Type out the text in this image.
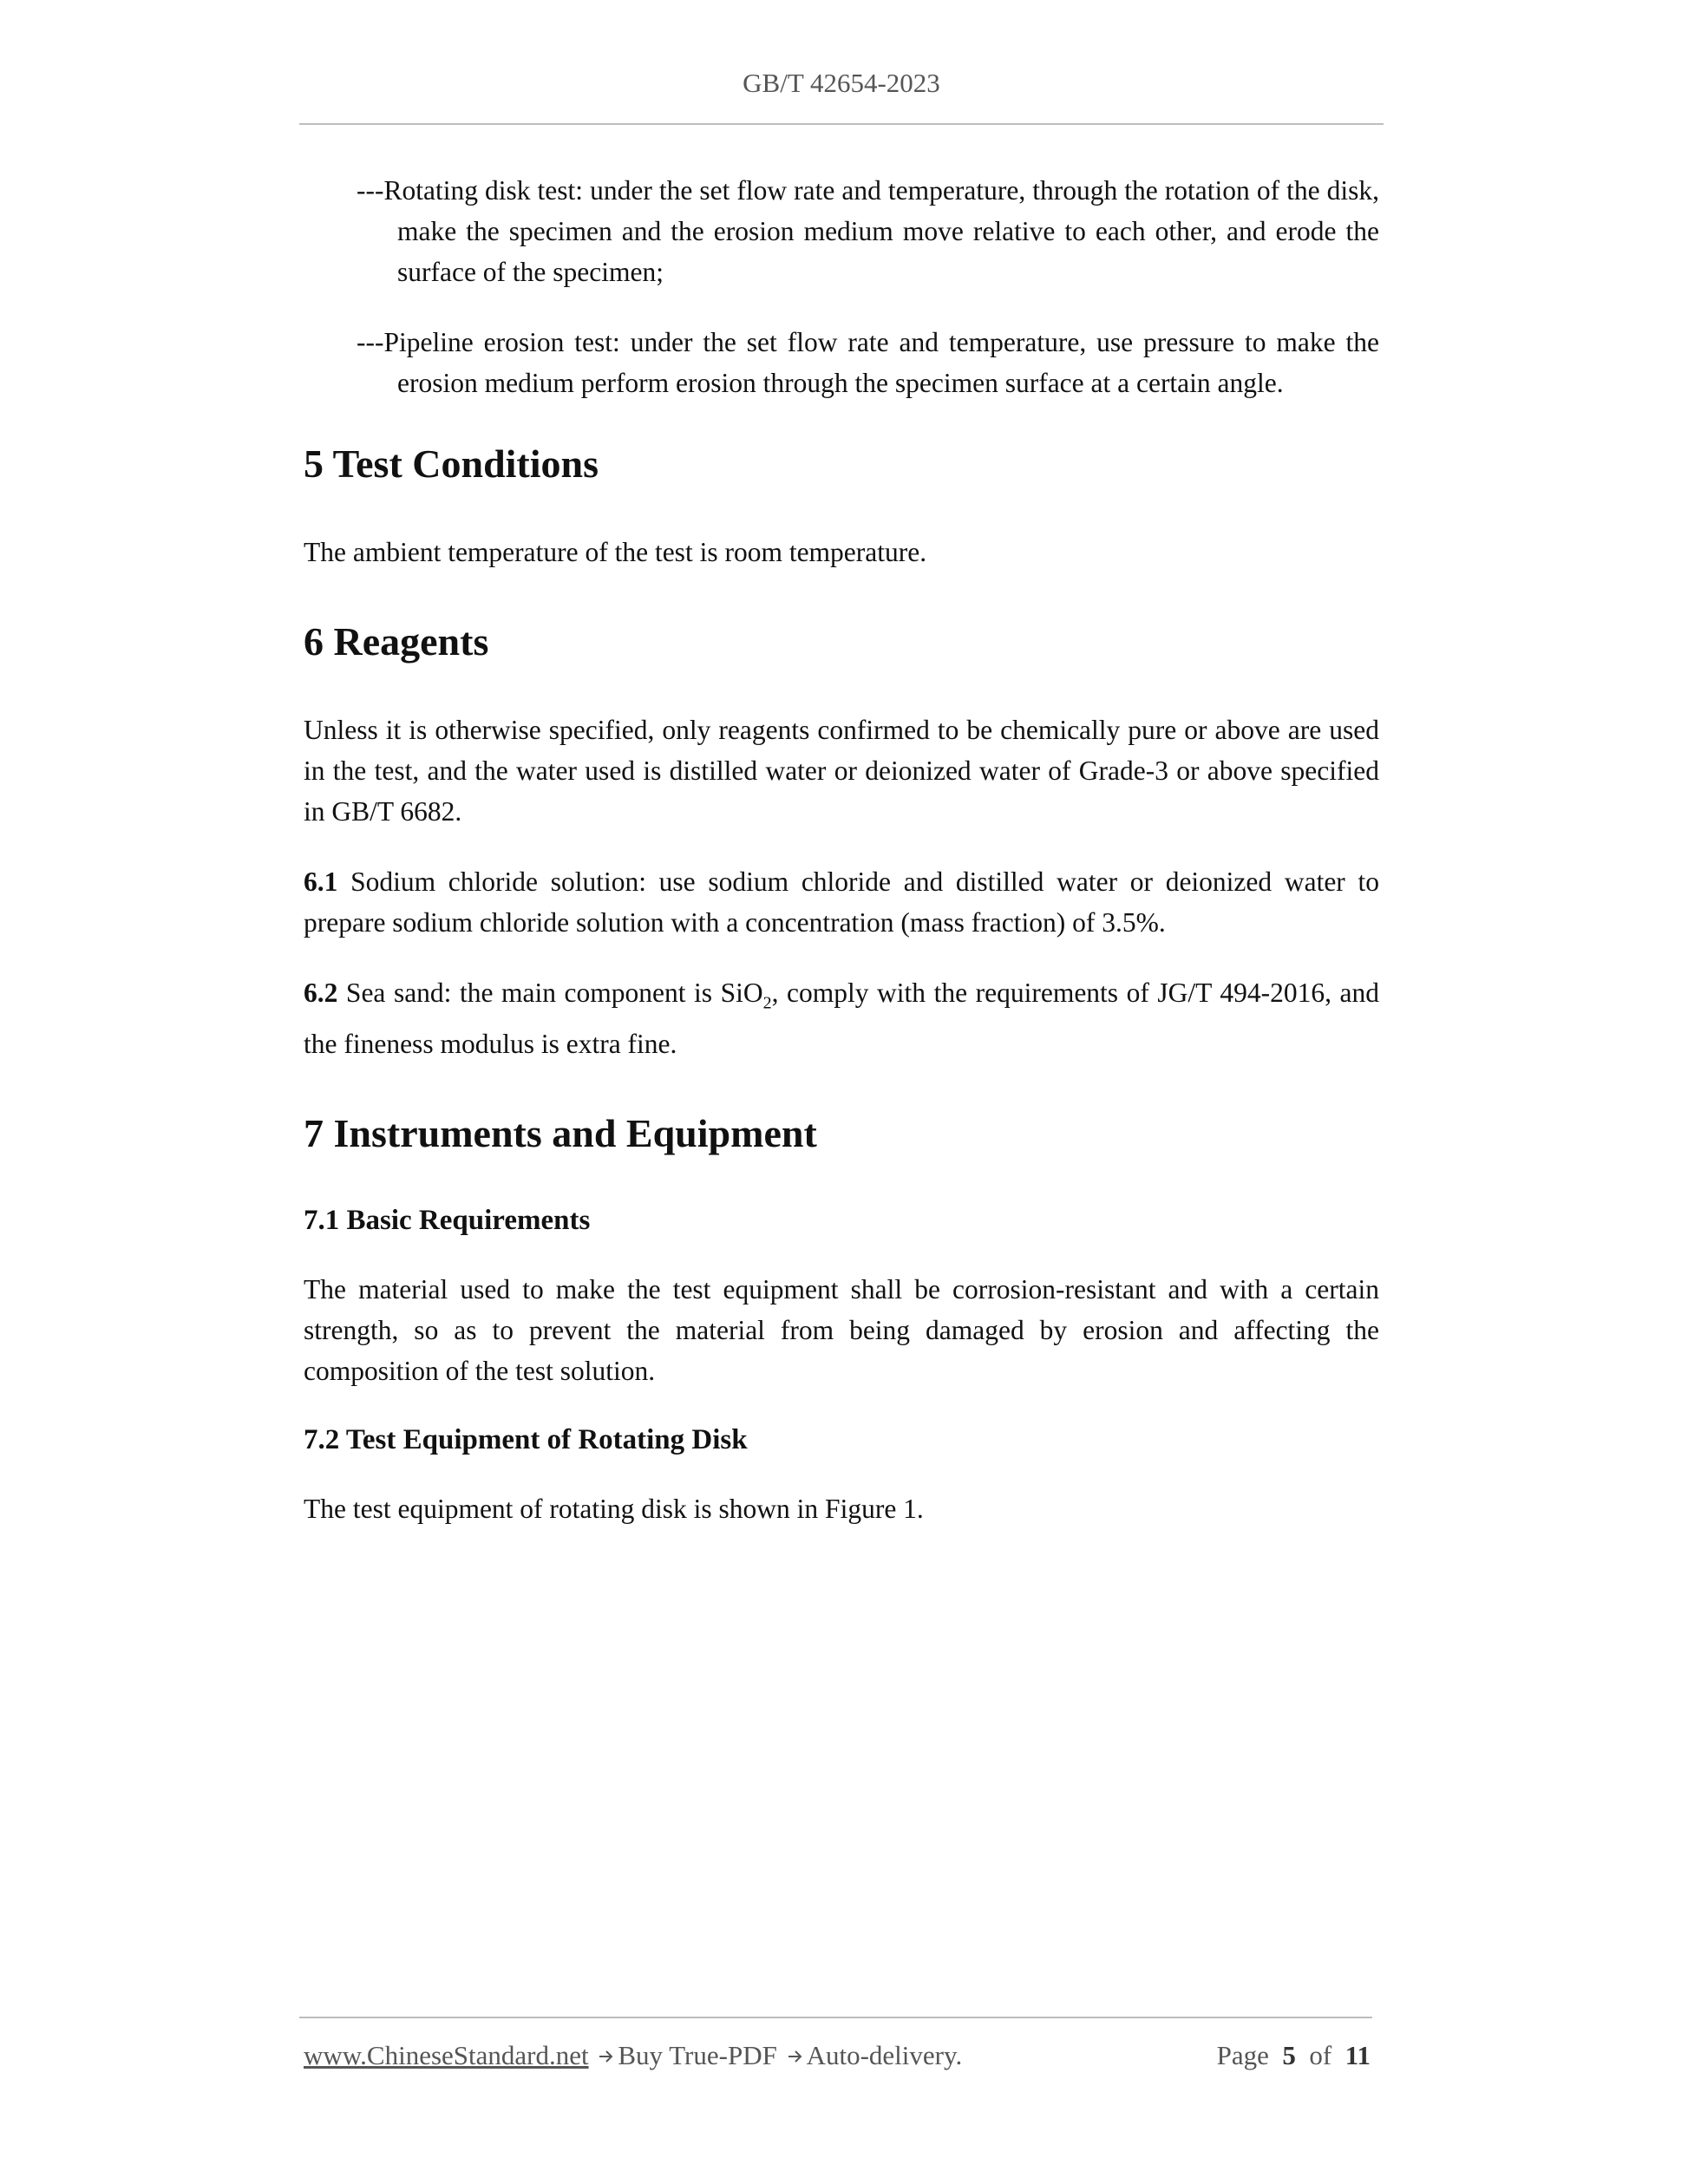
GB/T 42654-2023

---Rotating disk test: under the set flow rate and temperature, through the rotation of the disk, make the specimen and the erosion medium move relative to each other, and erode the surface of the specimen;

---Pipeline erosion test: under the set flow rate and temperature, use pressure to make the erosion medium perform erosion through the specimen surface at a certain angle.

5 Test Conditions

The ambient temperature of the test is room temperature.

6 Reagents

Unless it is otherwise specified, only reagents confirmed to be chemically pure or above are used in the test, and the water used is distilled water or deionized water of Grade-3 or above specified in GB/T 6682.

6.1 Sodium chloride solution: use sodium chloride and distilled water or deionized water to prepare sodium chloride solution with a concentration (mass fraction) of 3.5%.

6.2 Sea sand: the main component is SiO$_2$, comply with the requirements of JG/T 494-2016, and the fineness modulus is extra fine.

7 Instruments and Equipment
7.1 Basic Requirements

The material used to make the test equipment shall be corrosion-resistant and with a certain strength, so as to prevent the material from being damaged by erosion and affecting the composition of the test solution.

7.2 Test Equipment of Rotating Disk

The test equipment of rotating disk is shown in Figure 1.

www.ChineseStandard.net Buy True-PDF Auto-delivery.	Page 5 of 11
